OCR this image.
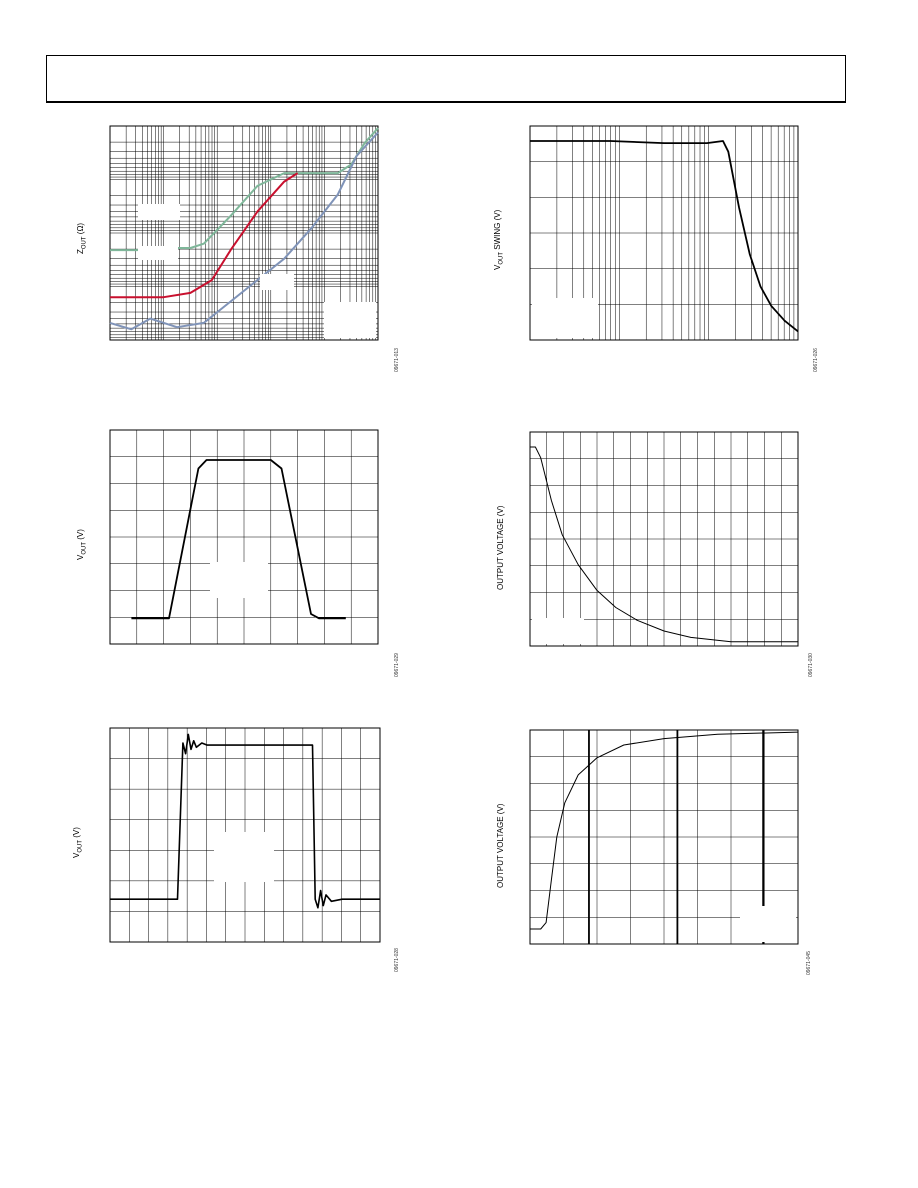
$Z_{OUT}$ (Ω)
09671-013
$V_{OUT}$ SWING (V)
09671-026
$V_{OUT}$ (V)
09671-029
OUTPUT VOLTAGE (V)
09671-030
$V_{OUT}$ (V)
09671-028
OUTPUT VOLTAGE (V)
09671-045
